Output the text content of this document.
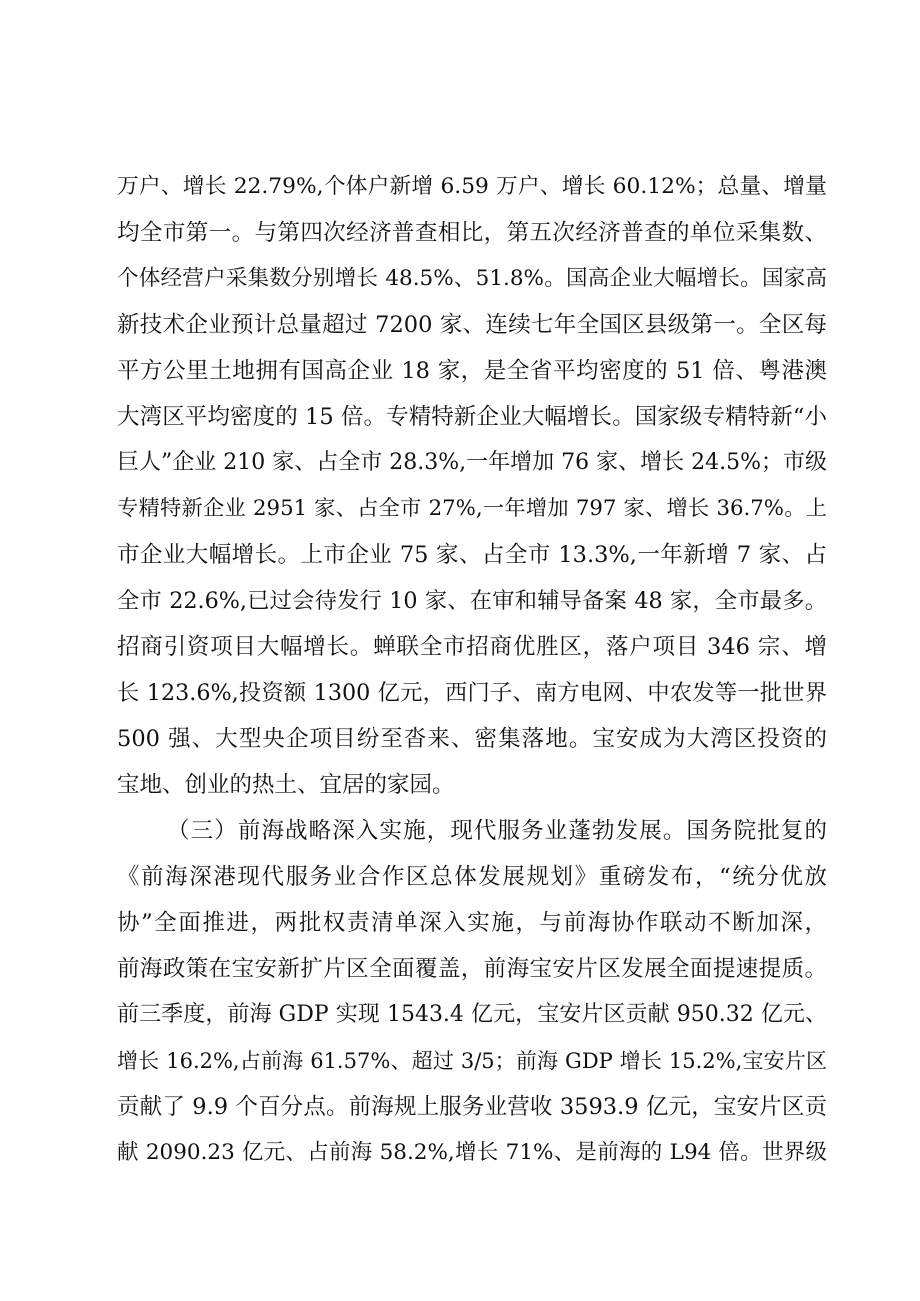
万户、增长 22.79%,个体户新增 6.59 万户、增长 60.12%；总量、增量
均全市第一。与第四次经济普查相比，第五次经济普查的单位采集数、
个体经营户采集数分别增长 48.5%、51.8%。国高企业大幅增长。国家高
新技术企业预计总量超过 7200 家、连续七年全国区县级第一。全区每
平方公里土地拥有国高企业 18 家，是全省平均密度的 51 倍、粤港澳
大湾区平均密度的 15 倍。专精特新企业大幅增长。国家级专精特新“小
巨人”企业 210 家、占全市 28.3%,一年增加 76 家、增长 24.5%；市级
专精特新企业 2951 家、占全市 27%,一年增加 797 家、增长 36.7%。上
市企业大幅增长。上市企业 75 家、占全市 13.3%,一年新增 7 家、占
全市 22.6%,已过会待发行 10 家、在审和辅导备案 48 家，全市最多。
招商引资项目大幅增长。蝉联全市招商优胜区，落户项目 346 宗、增
长 123.6%,投资额 1300 亿元，西门子、南方电网、中农发等一批世界
500 强、大型央企项目纷至沓来、密集落地。宝安成为大湾区投资的
宝地、创业的热土、宜居的家园。
（三）前海战略深入实施，现代服务业蓬勃发展。国务院批复的
《前海深港现代服务业合作区总体发展规划》重磅发布，“统分优放
协”全面推进，两批权责清单深入实施，与前海协作联动不断加深，
前海政策在宝安新扩片区全面覆盖，前海宝安片区发展全面提速提质。
前三季度，前海 GDP 实现 1543.4 亿元，宝安片区贡献 950.32 亿元、
增长 16.2%,占前海 61.57%、超过 3/5；前海 GDP 增长 15.2%,宝安片区
贡献了 9.9 个百分点。前海规上服务业营收 3593.9 亿元，宝安片区贡
献 2090.23 亿元、占前海 58.2%,增长 71%、是前海的 L94 倍。世界级
